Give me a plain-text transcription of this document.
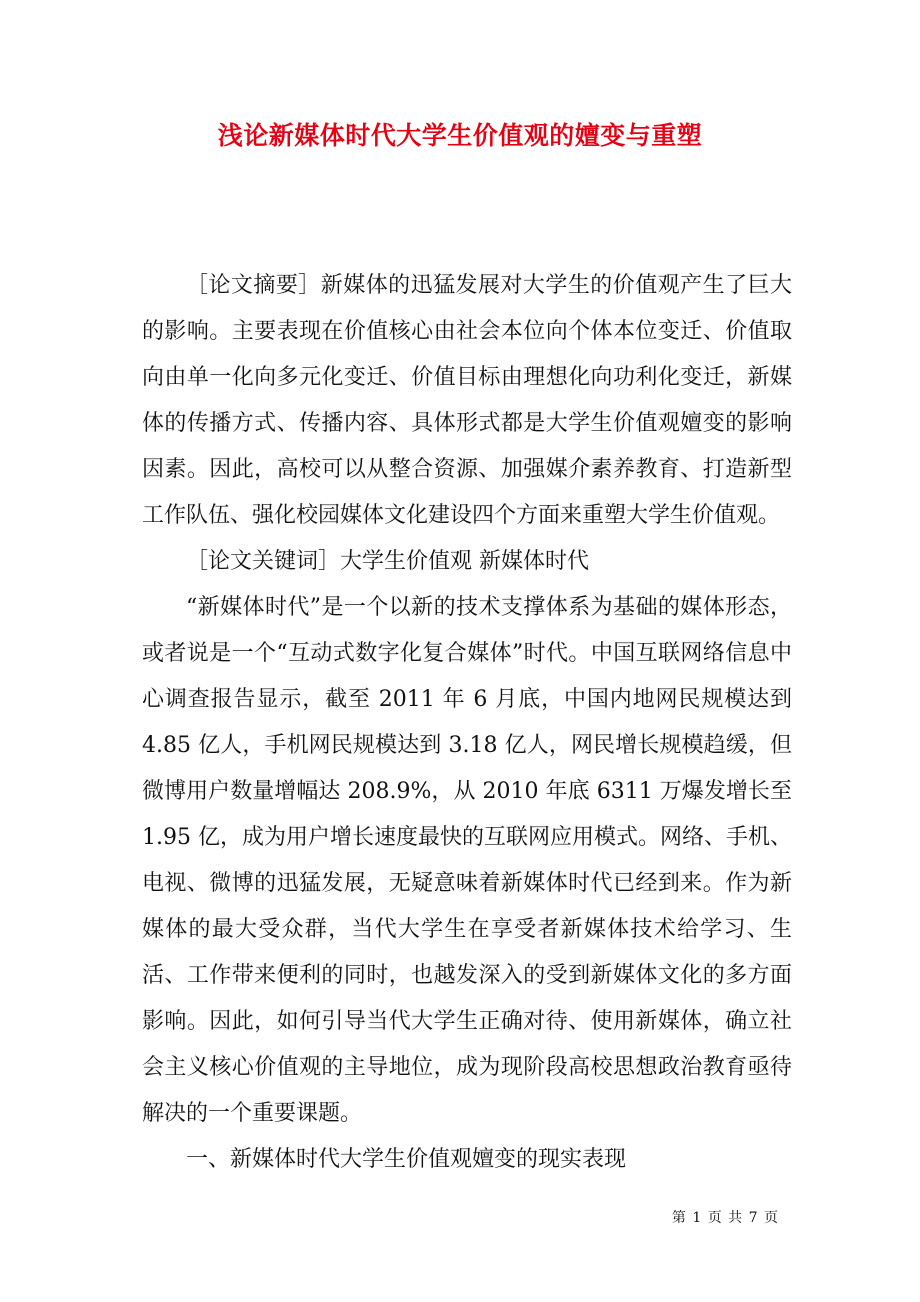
浅论新媒体时代大学生价值观的嬗变与重塑

［论文摘要］新媒体的迅猛发展对大学生的价值观产生了巨大的影响。主要表现在价值核心由社会本位向个体本位变迁、价值取向由单一化向多元化变迁、价值目标由理想化向功利化变迁，新媒体的传播方式、传播内容、具体形式都是大学生价值观嬗变的影响因素。因此，高校可以从整合资源、加强媒介素养教育、打造新型工作队伍、强化校园媒体文化建设四个方面来重塑大学生价值观。

［论文关键词］大学生价值观 新媒体时代

“新媒体时代”是一个以新的技术支撑体系为基础的媒体形态，或者说是一个“互动式数字化复合媒体”时代。中国互联网络信息中心调查报告显示，截至 2011 年 6 月底，中国内地网民规模达到 4.85 亿人，手机网民规模达到 3.18 亿人，网民增长规模趋缓，但微博用户数量增幅达 208.9%，从 2010 年底 6311 万爆发增长至 1.95 亿，成为用户增长速度最快的互联网应用模式。网络、手机、电视、微博的迅猛发展，无疑意味着新媒体时代已经到来。作为新媒体的最大受众群，当代大学生在享受者新媒体技术给学习、生活、工作带来便利的同时，也越发深入的受到新媒体文化的多方面影响。因此，如何引导当代大学生正确对待、使用新媒体，确立社会主义核心价值观的主导地位，成为现阶段高校思想政治教育亟待解决的一个重要课题。

一、新媒体时代大学生价值观嬗变的现实表现

第 1 页 共 7 页
